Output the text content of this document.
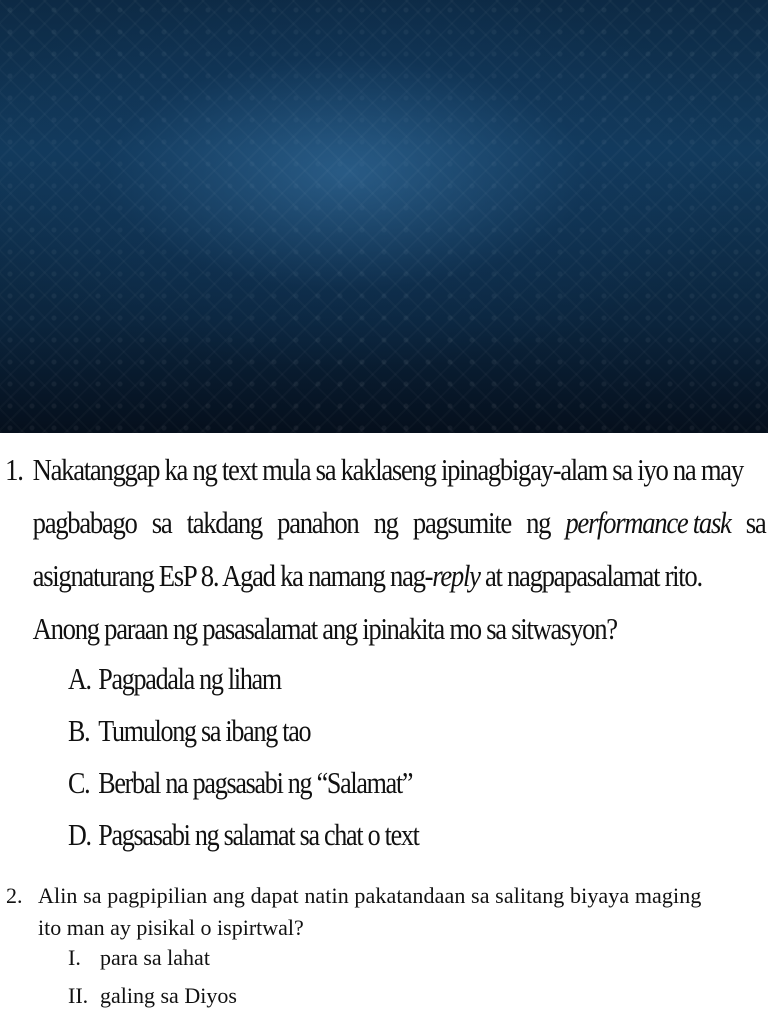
1. Nakatanggap ka ng text mula sa kaklaseng ipinagbigay-alam sa iyo na may
pagbabago sa takdang panahon ng pagsumite ng performance task sa
asignaturang EsP 8. Agad ka namang nag-reply at nagpapasalamat rito.
Anong paraan ng pasasalamat ang ipinakita mo sa sitwasyon?
A. Pagpadala ng liham
B. Tumulong sa ibang tao
C. Berbal na pagsasabi ng “Salamat”
D. Pagsasabi ng salamat sa chat o text
2. Alin sa pagpipilian ang dapat natin pakatandaan sa salitang biyaya maging
ito man ay pisikal o ispirtwal?
I. para sa lahat
II. galing sa Diyos
